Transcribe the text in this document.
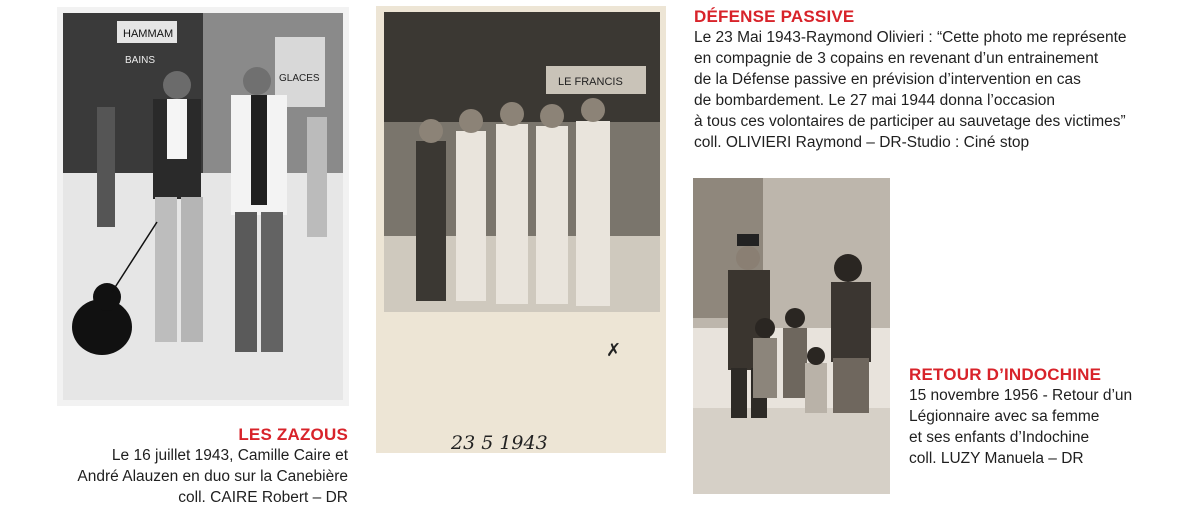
HAMMAM
BAINS
GLACES	LE FRANCIS
✗
23 5 1943
LES ZAZOUS
Le 16 juillet 1943, Camille Caire et
André Alauzen en duo sur la Canebière
coll. CAIRE Robert – DR
DÉFENSE PASSIVE
Le 23 Mai 1943-Raymond Olivieri : “Cette photo me représente
en compagnie de 3 copains en revenant d’un entrainement
de la Défense passive en prévision d’intervention en cas
de bombardement. Le 27 mai 1944 donna l’occasion
à tous ces volontaires de participer au sauvetage des victimes”
coll. OLIVIERI Raymond – DR-Studio : Ciné stop
RETOUR D’INDOCHINE
15 novembre 1956 - Retour d’un
Légionnaire avec sa femme
et ses enfants d’Indochine
coll. LUZY Manuela – DR
